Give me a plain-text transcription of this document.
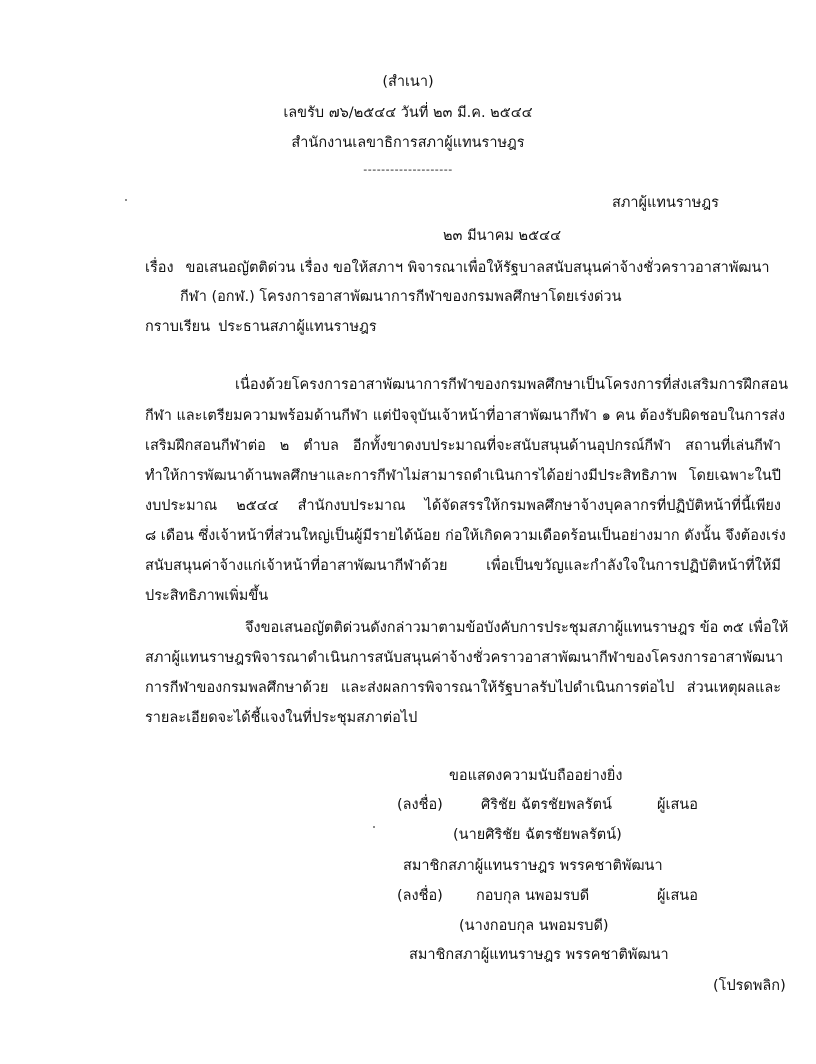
(สำเนา)
เลขรับ ๗๖/๒๕๔๔ วันที่ ๒๓ มี.ค. ๒๕๔๔
สำนักงานเลขาธิการสภาผู้แทนราษฎร
--------------------
สภาผู้แทนราษฎร
๒๓ มีนาคม ๒๕๔๔
เรื่อง ขอเสนอญัตติด่วน เรื่อง ขอให้สภาฯ พิจารณาเพื่อให้รัฐบาลสนับสนุนค่าจ้างชั่วคราวอาสาพัฒนา
กีฬา (อกฬ.) โครงการอาสาพัฒนาการกีฬาของกรมพลศึกษาโดยเร่งด่วน
กราบเรียน ประธานสภาผู้แทนราษฎร
เนื่องด้วยโครงการอาสาพัฒนาการกีฬาของกรมพลศึกษาเป็นโครงการที่ส่งเสริมการฝึกสอน
กีฬา และเตรียมความพร้อมด้านกีฬา แต่ปัจจุบันเจ้าหน้าที่อาสาพัฒนากีฬา ๑ คน ต้องรับผิดชอบในการส่ง
เสริมฝึกสอนกีฬาต่อ ๒ ตำบล อีกทั้งขาดงบประมาณที่จะสนับสนุนด้านอุปกรณ์กีฬา สถานที่เล่นกีฬา
ทำให้การพัฒนาด้านพลศึกษาและการกีฬาไม่สามารถดำเนินการได้อย่างมีประสิทธิภาพ โดยเฉพาะในปี
งบประมาณ ๒๕๔๔ สำนักงบประมาณ ได้จัดสรรให้กรมพลศึกษาจ้างบุคลากรที่ปฏิบัติหน้าที่นี้เพียง
๘ เดือน ซึ่งเจ้าหน้าที่ส่วนใหญ่เป็นผู้มีรายได้น้อย ก่อให้เกิดความเดือดร้อนเป็นอย่างมาก ดังนั้น จึงต้องเร่ง
สนับสนุนค่าจ้างแก่เจ้าหน้าที่อาสาพัฒนากีฬาด้วย เพื่อเป็นขวัญและกำลังใจในการปฏิบัติหน้าที่ให้มี
ประสิทธิภาพเพิ่มขึ้น
จึงขอเสนอญัตติด่วนดังกล่าวมาตามข้อบังคับการประชุมสภาผู้แทนราษฎร ข้อ ๓๕ เพื่อให้
สภาผู้แทนราษฎรพิจารณาดำเนินการสนับสนุนค่าจ้างชั่วคราวอาสาพัฒนากีฬาของโครงการอาสาพัฒนา
การกีฬาของกรมพลศึกษาด้วย และส่งผลการพิจารณาให้รัฐบาลรับไปดำเนินการต่อไป ส่วนเหตุผลและ
รายละเอียดจะได้ชี้แจงในที่ประชุมสภาต่อไป
ขอแสดงความนับถืออย่างยิ่ง
(ลงชื่อ)	ศิริชัย ฉัตรชัยพลรัตน์	ผู้เสนอ
(นายศิริชัย ฉัตรชัยพลรัตน์)
สมาชิกสภาผู้แทนราษฎร พรรคชาติพัฒนา
(ลงชื่อ) กอบกุล นพอมรบดี	ผู้เสนอ
(นางกอบกุล นพอมรบดี)
สมาชิกสภาผู้แทนราษฎร พรรคชาติพัฒนา
(โปรดพลิก)
